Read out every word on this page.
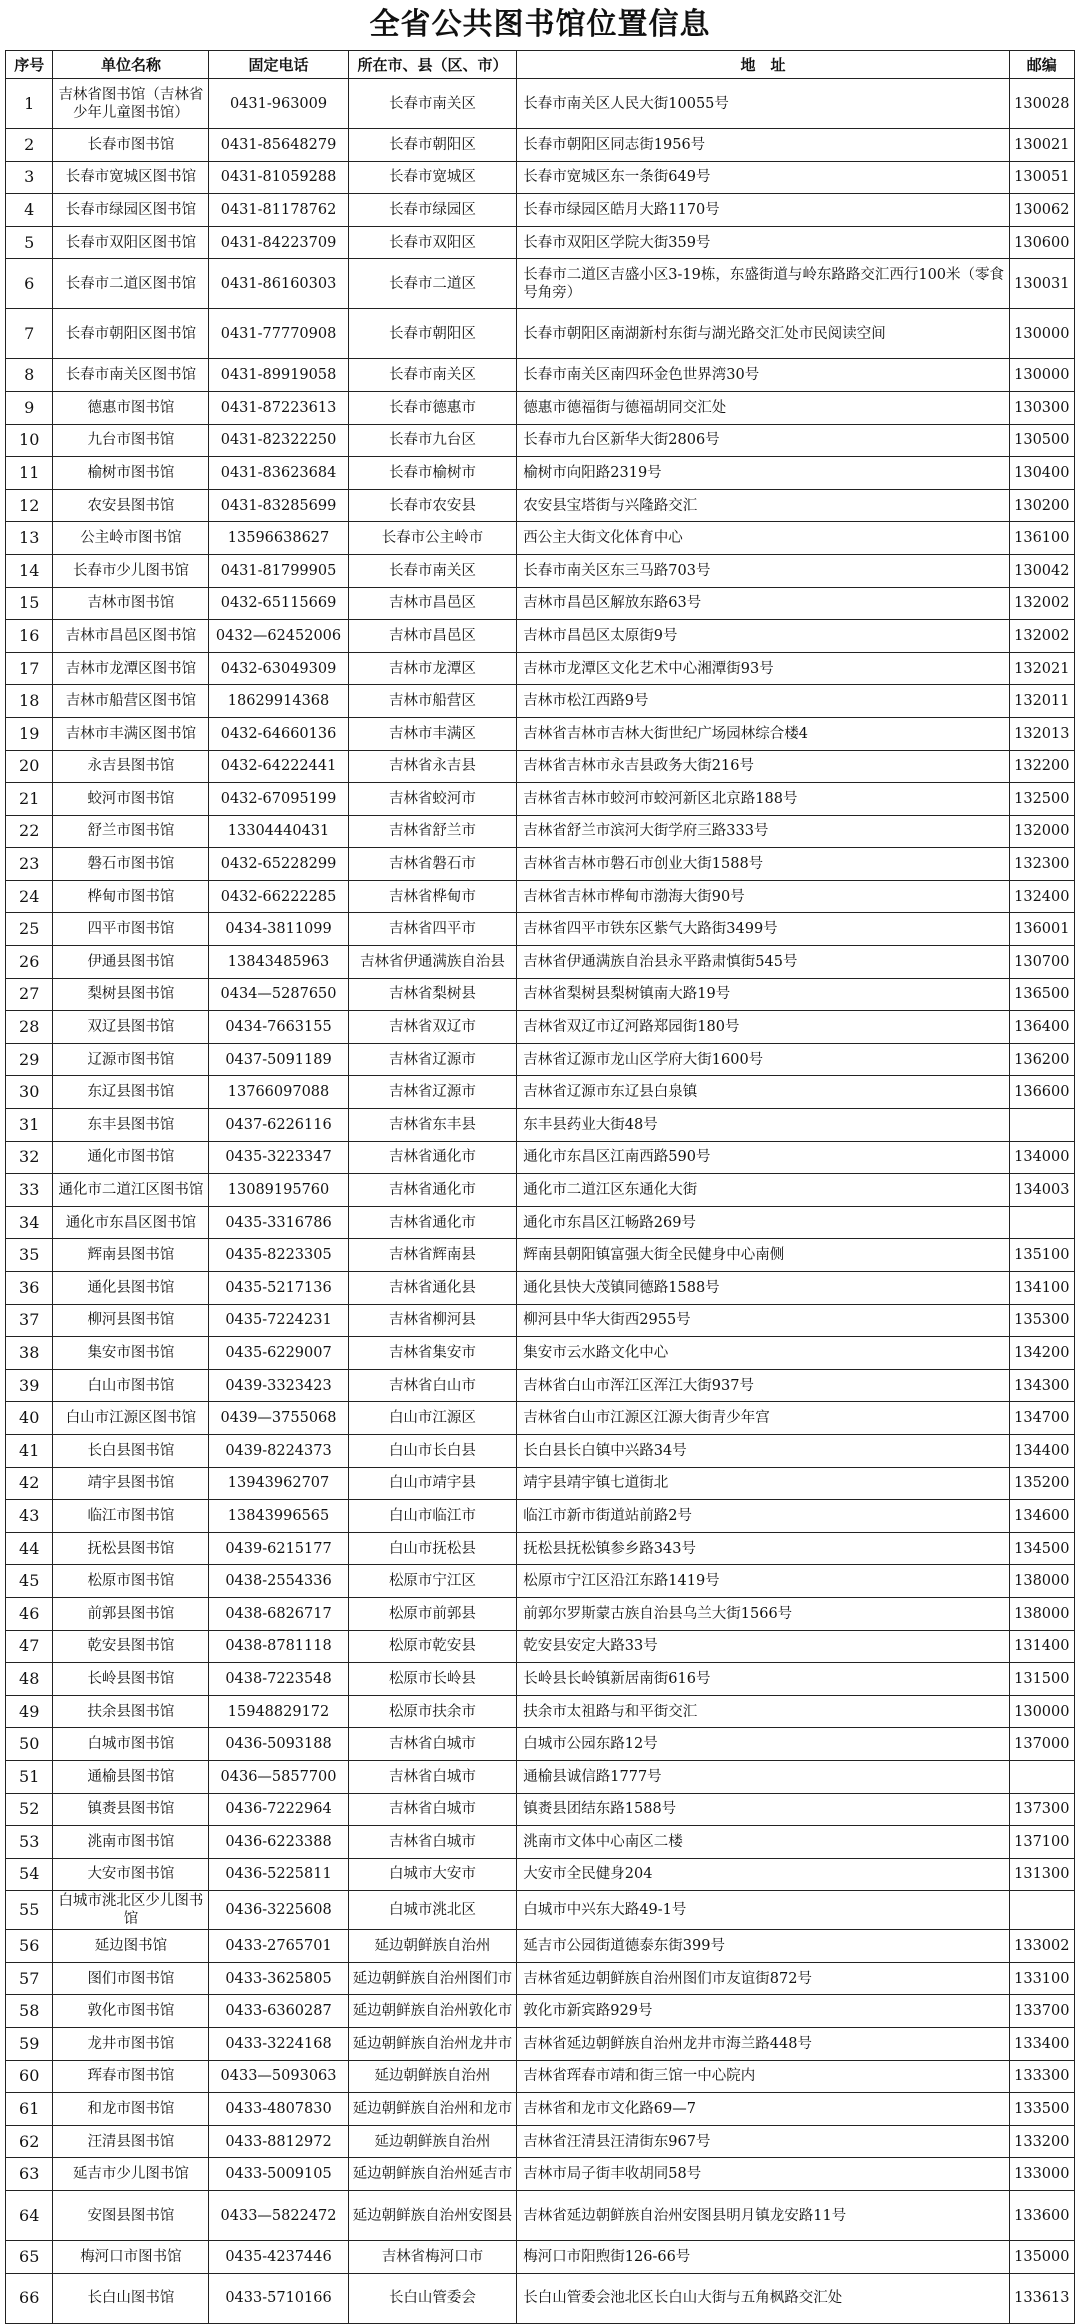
全省公共图书馆位置信息
序号	单位名称	固定电话	所在市、县（区、市）	地　址	邮编
1	吉林省图书馆（吉林省少年儿童图书馆）	0431-963009	长春市南关区	长春市南关区人民大街10055号	130028
2	长春市图书馆	0431-85648279	长春市朝阳区	长春市朝阳区同志街1956号	130021
3	长春市宽城区图书馆	0431-81059288	长春市宽城区	长春市宽城区东一条街649号	130051
4	长春市绿园区图书馆	0431-81178762	长春市绿园区	长春市绿园区皓月大路1170号	130062
5	长春市双阳区图书馆	0431-84223709	长春市双阳区	长春市双阳区学院大街359号	130600
6	长春市二道区图书馆	0431-86160303	长春市二道区	长春市二道区吉盛小区3-19栋，东盛街道与岭东路路交汇西行100米（零食号角旁）	130031
7	长春市朝阳区图书馆	0431-77770908	长春市朝阳区	长春市朝阳区南湖新村东街与湖光路交汇处市民阅读空间	130000
8	长春市南关区图书馆	0431-89919058	长春市南关区	长春市南关区南四环金色世界湾30号	130000
9	德惠市图书馆	0431-87223613	长春市德惠市	德惠市德福街与德福胡同交汇处	130300
10	九台市图书馆	0431-82322250	长春市九台区	长春市九台区新华大街2806号	130500
11	榆树市图书馆	0431-83623684	长春市榆树市	榆树市向阳路2319号	130400
12	农安县图书馆	0431-83285699	长春市农安县	农安县宝塔街与兴隆路交汇	130200
13	公主岭市图书馆	13596638627	长春市公主岭市	西公主大街文化体育中心	136100
14	长春市少儿图书馆	0431-81799905	长春市南关区	长春市南关区东三马路703号	130042
15	吉林市图书馆	0432-65115669	吉林市昌邑区	吉林市昌邑区解放东路63号	132002
16	吉林市昌邑区图书馆	0432—62452006	吉林市昌邑区	吉林市昌邑区太原街9号	132002
17	吉林市龙潭区图书馆	0432-63049309	吉林市龙潭区	吉林市龙潭区文化艺术中心湘潭街93号	132021
18	吉林市船营区图书馆	18629914368	吉林市船营区	吉林市松江西路9号	132011
19	吉林市丰满区图书馆	0432-64660136	吉林市丰满区	吉林省吉林市吉林大街世纪广场园林综合楼4	132013
20	永吉县图书馆	0432-64222441	吉林省永吉县	吉林省吉林市永吉县政务大街216号	132200
21	蛟河市图书馆	0432-67095199	吉林省蛟河市	吉林省吉林市蛟河市蛟河新区北京路188号	132500
22	舒兰市图书馆	13304440431	吉林省舒兰市	吉林省舒兰市滨河大街学府三路333号	132000
23	磐石市图书馆	0432-65228299	吉林省磐石市	吉林省吉林市磐石市创业大街1588号	132300
24	桦甸市图书馆	0432-66222285	吉林省桦甸市	吉林省吉林市桦甸市渤海大街90号	132400
25	四平市图书馆	0434-3811099	吉林省四平市	吉林省四平市铁东区紫气大路街3499号	136001
26	伊通县图书馆	13843485963	吉林省伊通满族自治县	吉林省伊通满族自治县永平路肃慎街545号	130700
27	梨树县图书馆	0434—5287650	吉林省梨树县	吉林省梨树县梨树镇南大路19号	136500
28	双辽县图书馆	0434-7663155	吉林省双辽市	吉林省双辽市辽河路郑园街180号	136400
29	辽源市图书馆	0437-5091189	吉林省辽源市	吉林省辽源市龙山区学府大街1600号	136200
30	东辽县图书馆	13766097088	吉林省辽源市	吉林省辽源市东辽县白泉镇	136600
31	东丰县图书馆	0437-6226116	吉林省东丰县	东丰县药业大街48号	
32	通化市图书馆	0435-3223347	吉林省通化市	通化市东昌区江南西路590号	134000
33	通化市二道江区图书馆	13089195760	吉林省通化市	通化市二道江区东通化大街	134003
34	通化市东昌区图书馆	0435-3316786	吉林省通化市	通化市东昌区江畅路269号	
35	辉南县图书馆	0435-8223305	吉林省辉南县	辉南县朝阳镇富强大街全民健身中心南侧	135100
36	通化县图书馆	0435-5217136	吉林省通化县	通化县快大茂镇同德路1588号	134100
37	柳河县图书馆	0435-7224231	吉林省柳河县	柳河县中华大街西2955号	135300
38	集安市图书馆	0435-6229007	吉林省集安市	集安市云水路文化中心	134200
39	白山市图书馆	0439-3323423	吉林省白山市	吉林省白山市浑江区浑江大街937号	134300
40	白山市江源区图书馆	0439—3755068	白山市江源区	吉林省白山市江源区江源大街青少年宫	134700
41	长白县图书馆	0439-8224373	白山市长白县	长白县长白镇中兴路34号	134400
42	靖宇县图书馆	13943962707	白山市靖宇县	靖宇县靖宇镇七道街北	135200
43	临江市图书馆	13843996565	白山市临江市	临江市新市街道站前路2号	134600
44	抚松县图书馆	0439-6215177	白山市抚松县	抚松县抚松镇参乡路343号	134500
45	松原市图书馆	0438-2554336	松原市宁江区	松原市宁江区沿江东路1419号	138000
46	前郭县图书馆	0438-6826717	松原市前郭县	前郭尔罗斯蒙古族自治县乌兰大街1566号	138000
47	乾安县图书馆	0438-8781118	松原市乾安县	乾安县安定大路33号	131400
48	长岭县图书馆	0438-7223548	松原市长岭县	长岭县长岭镇新居南街616号	131500
49	扶余县图书馆	15948829172	松原市扶余市	扶余市太祖路与和平街交汇	130000
50	白城市图书馆	0436-5093188	吉林省白城市	白城市公园东路12号	137000
51	通榆县图书馆	0436—5857700	吉林省白城市	通榆县诚信路1777号	
52	镇赉县图书馆	0436-7222964	吉林省白城市	镇赉县团结东路1588号	137300
53	洮南市图书馆	0436-6223388	吉林省白城市	洮南市文体中心南区二楼	137100
54	大安市图书馆	0436-5225811	白城市大安市	大安市全民健身204	131300
55	白城市洮北区少儿图书馆	0436-3225608	白城市洮北区	白城市中兴东大路49-1号	
56	延边图书馆	0433-2765701	延边朝鲜族自治州	延吉市公园街道德泰东街399号	133002
57	图们市图书馆	0433-3625805	延边朝鲜族自治州图们市	吉林省延边朝鲜族自治州图们市友谊街872号	133100
58	敦化市图书馆	0433-6360287	延边朝鲜族自治州敦化市	敦化市新宾路929号	133700
59	龙井市图书馆	0433-3224168	延边朝鲜族自治州龙井市	吉林省延边朝鲜族自治州龙井市海兰路448号	133400
60	珲春市图书馆	0433—5093063	延边朝鲜族自治州	吉林省珲春市靖和街三馆一中心院内	133300
61	和龙市图书馆	0433-4807830	延边朝鲜族自治州和龙市	吉林省和龙市文化路69—7	133500
62	汪清县图书馆	0433-8812972	延边朝鲜族自治州	吉林省汪清县汪清街东967号	133200
63	延吉市少儿图书馆	0433-5009105	延边朝鲜族自治州延吉市	吉林市局子街丰收胡同58号	133000
64	安图县图书馆	0433—5822472	延边朝鲜族自治州安图县	吉林省延边朝鲜族自治州安图县明月镇龙安路11号	133600
65	梅河口市图书馆	0435-4237446	吉林省梅河口市	梅河口市阳煦街126-66号	135000
66	长白山图书馆	0433-5710166	长白山管委会	长白山管委会池北区长白山大街与五角枫路交汇处	133613
